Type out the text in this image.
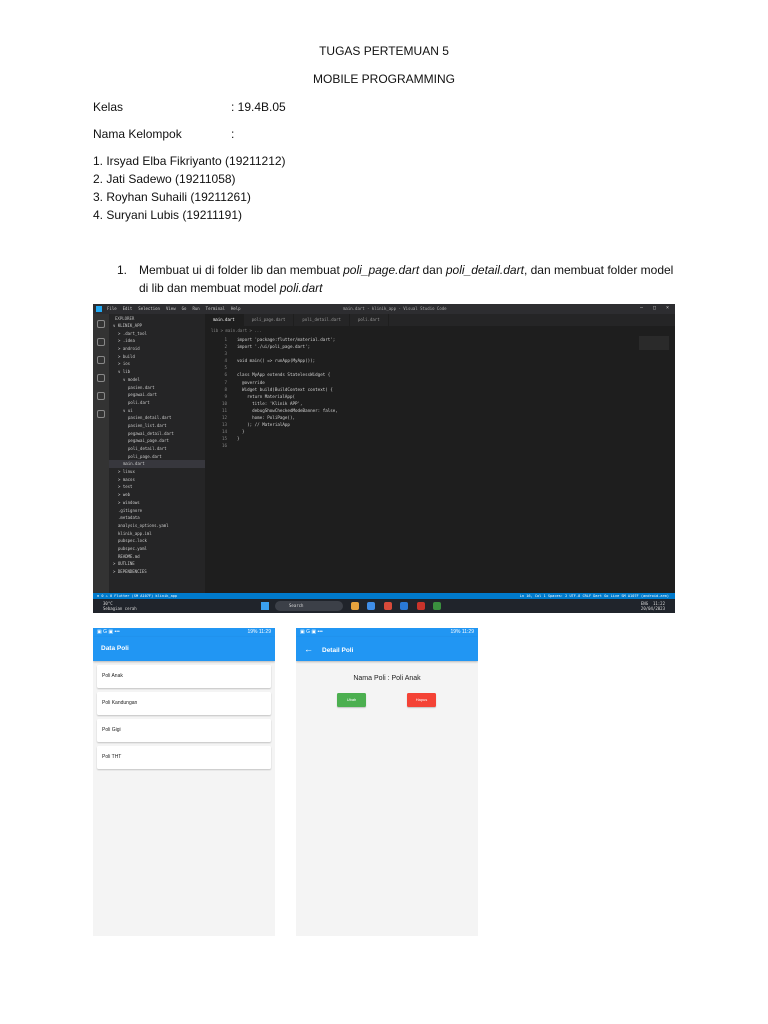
TUGAS PERTEMUAN 5
MOBILE PROGRAMMING
Kelas	: 19.4B.05
Nama Kelompok	:
1. Irsyad Elba Fikriyanto (19211212)
2. Jati Sadewo (19211058)
3. Royhan Suhaili (19211261)
4. Suryani Lubis (19211191)
1. Membuat ui di folder lib dan membuat poli_page.dart dan poli_detail.dart, dan membuat folder model di lib dan membuat model poli.dart
File Edit Selection View Go Run Terminal Help	main.dart - klinik_app - Visual Studio Code	– □ ×
EXPLORER
∨ KLINIK_APP
> .dart_tool
> .idea
> android
> build
> ios
∨ lib
∨ model
pasien.dart
pegawai.dart
poli.dart
∨ ui
pasien_detail.dart
pasien_list.dart
pegawai_detail.dart
pegawai_page.dart
poli_detail.dart
poli_page.dart
main.dart
> linux
> macos
> test
> web
> windows
.gitignore
.metadata
analysis_options.yaml
klinik_app.iml
pubspec.lock
pubspec.yaml
README.md
> OUTLINE
> DEPENDENCIES
main.dart	poli_page.dart	poli_detail.dart	poli.dart
lib > main.dart > ...
1 import 'package:flutter/material.dart';
2 import './ui/poli_page.dart';
3
4 void main() => runApp(MyApp());
5
6 class MyApp extends StatelessWidget {
7  @override
8  Widget build(BuildContext context) {
9    return MaterialApp(
10      title: 'Klinik APP',
11      debugShowCheckedModeBanner: false,
12      home: PoliPage(),
13    ); // MaterialApp
14  }
15 }
16
⊗ 0 ⚠ 0 Flutter (SM A107F) klinik_app	Ln 16, Col 1 Spaces: 2 UTF-8 CRLF Dart Go Live SM A107F (android-arm)
30°C
Sebagian cerah
Search
	ENG 11:22
20/04/2023
▣ G ▣ •••	19% 11:29
Data Poli
Poli Anak
Poli Kandungan
Poli Gigi
Poli THT
▣ G ▣ •••	19% 11:29
← Detail Poli
Nama Poli : Poli Anak
Ubah	Hapus
